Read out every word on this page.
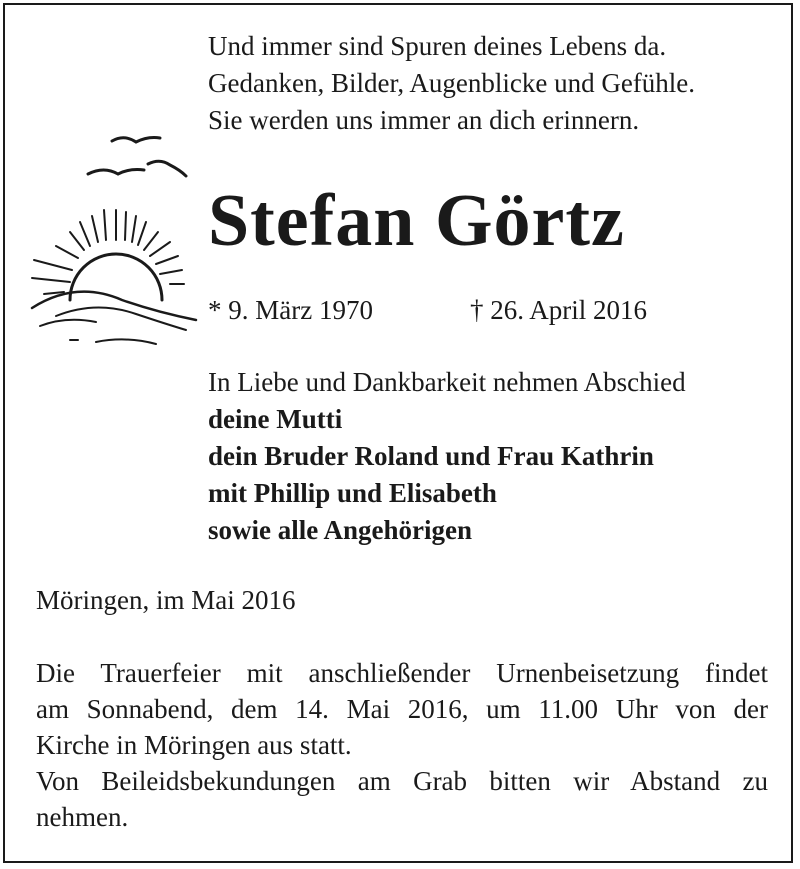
Und immer sind Spuren deines Lebens da.
Gedanken, Bilder, Augenblicke und Gefühle.
Sie werden uns immer an dich erinnern.
Stefan Görtz
* 9. März 1970	† 26. April 2016
In Liebe und Dankbarkeit nehmen Abschied
deine Mutti
dein Bruder Roland und Frau Kathrin
mit Phillip und Elisabeth
sowie alle Angehörigen
Möringen, im Mai 2016
Die Trauerfeier mit anschließender Urnenbeisetzung findet
am Sonnabend, dem 14. Mai 2016, um 11.00 Uhr von der
Kirche in Möringen aus statt.
Von Beileidsbekundungen am Grab bitten wir Abstand zu
nehmen.
